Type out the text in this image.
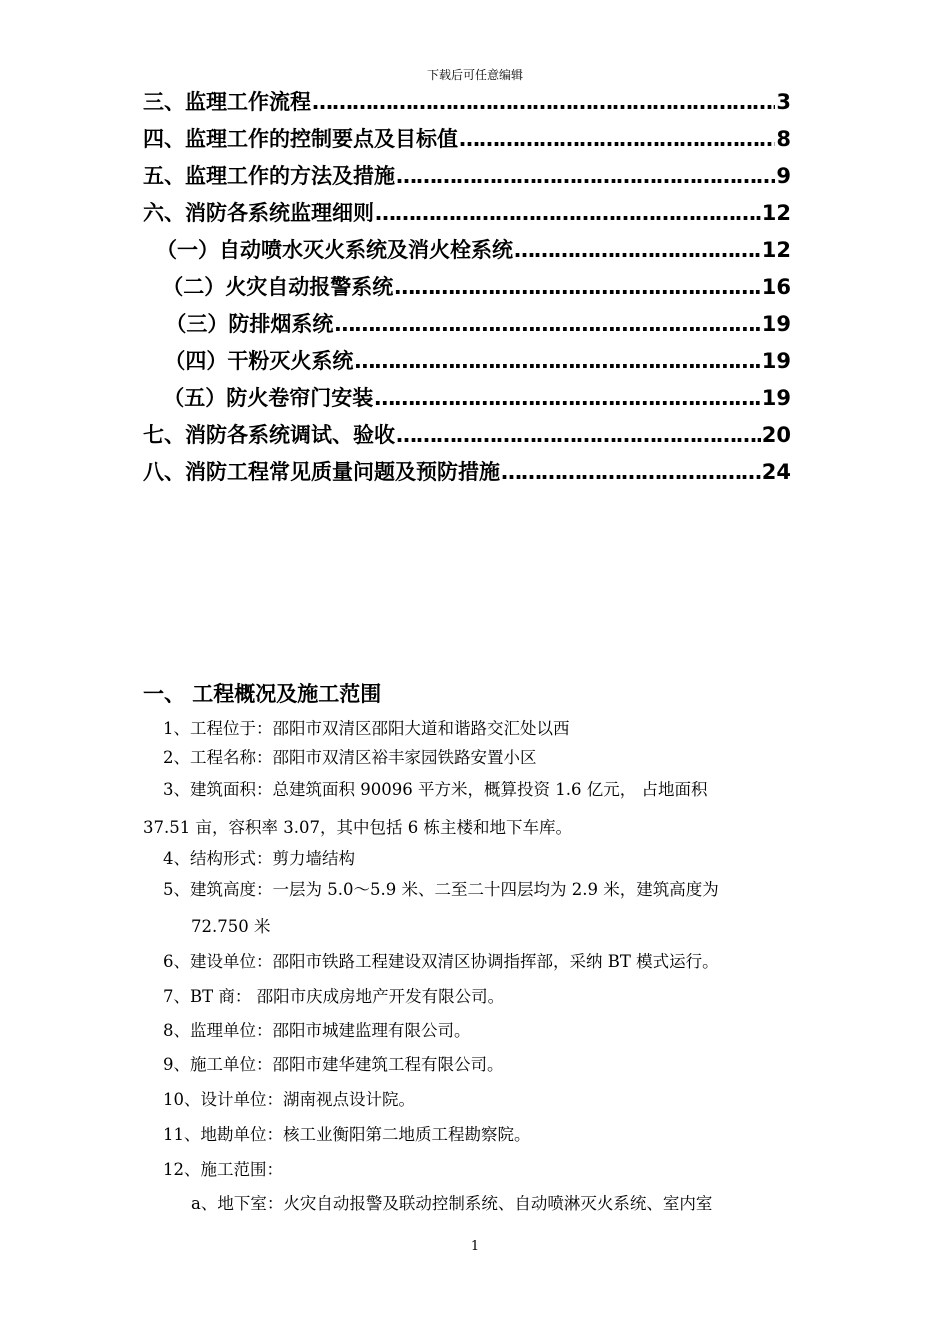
下载后可任意编辑
三、监理工作流程 …………………………………………………………………………………………………………	3
四、监理工作的控制要点及目标值 …………………………………………………………………………………………………………	8
五、监理工作的方法及措施 …………………………………………………………………………………………………………	9
六、消防各系统监理细则 …………………………………………………………………………………………………………	12
（一） 自动喷水灭火系统及消火栓系统 …………………………………………………………………………………………………………	12
（二） 火灾自动报警系统 …………………………………………………………………………………………………………	16
（三） 防排烟系统 …………………………………………………………………………………………………………	19
（四） 干粉灭火系统 …………………………………………………………………………………………………………	19
（五） 防火卷帘门安装 …………………………………………………………………………………………………………	19
七、消防各系统调试、验收 …………………………………………………………………………………………………………	20
八、消防工程常见质量问题及预防措施 …………………………………………………………………………………………………………	24
一、 工程概况及施工范围
1、工程位于：邵阳市双清区邵阳大道和谐路交汇处以西
2、工程名称：邵阳市双清区裕丰家园铁路安置小区
3、建筑面积：总建筑面积 90096 平方米，概算投资 1.6 亿元， 占地面积
37.51 亩，容积率 3.07，其中包括 6 栋主楼和地下车库。
4、结构形式：剪力墙结构
5、建筑高度：一层为 5.0～5.9 米、二至二十四层均为 2.9 米，建筑高度为
72.750 米
6、建设单位：邵阳市铁路工程建设双清区协调指挥部，采纳 BT 模式运行。
7、BT 商： 邵阳市庆成房地产开发有限公司。
8、监理单位：邵阳市城建监理有限公司。
9、施工单位：邵阳市建华建筑工程有限公司。
10、设计单位：湖南视点设计院。
11、地勘单位：核工业衡阳第二地质工程勘察院。
12、施工范围：
a、地下室：火灾自动报警及联动控制系统、自动喷淋灭火系统、室内室
1
